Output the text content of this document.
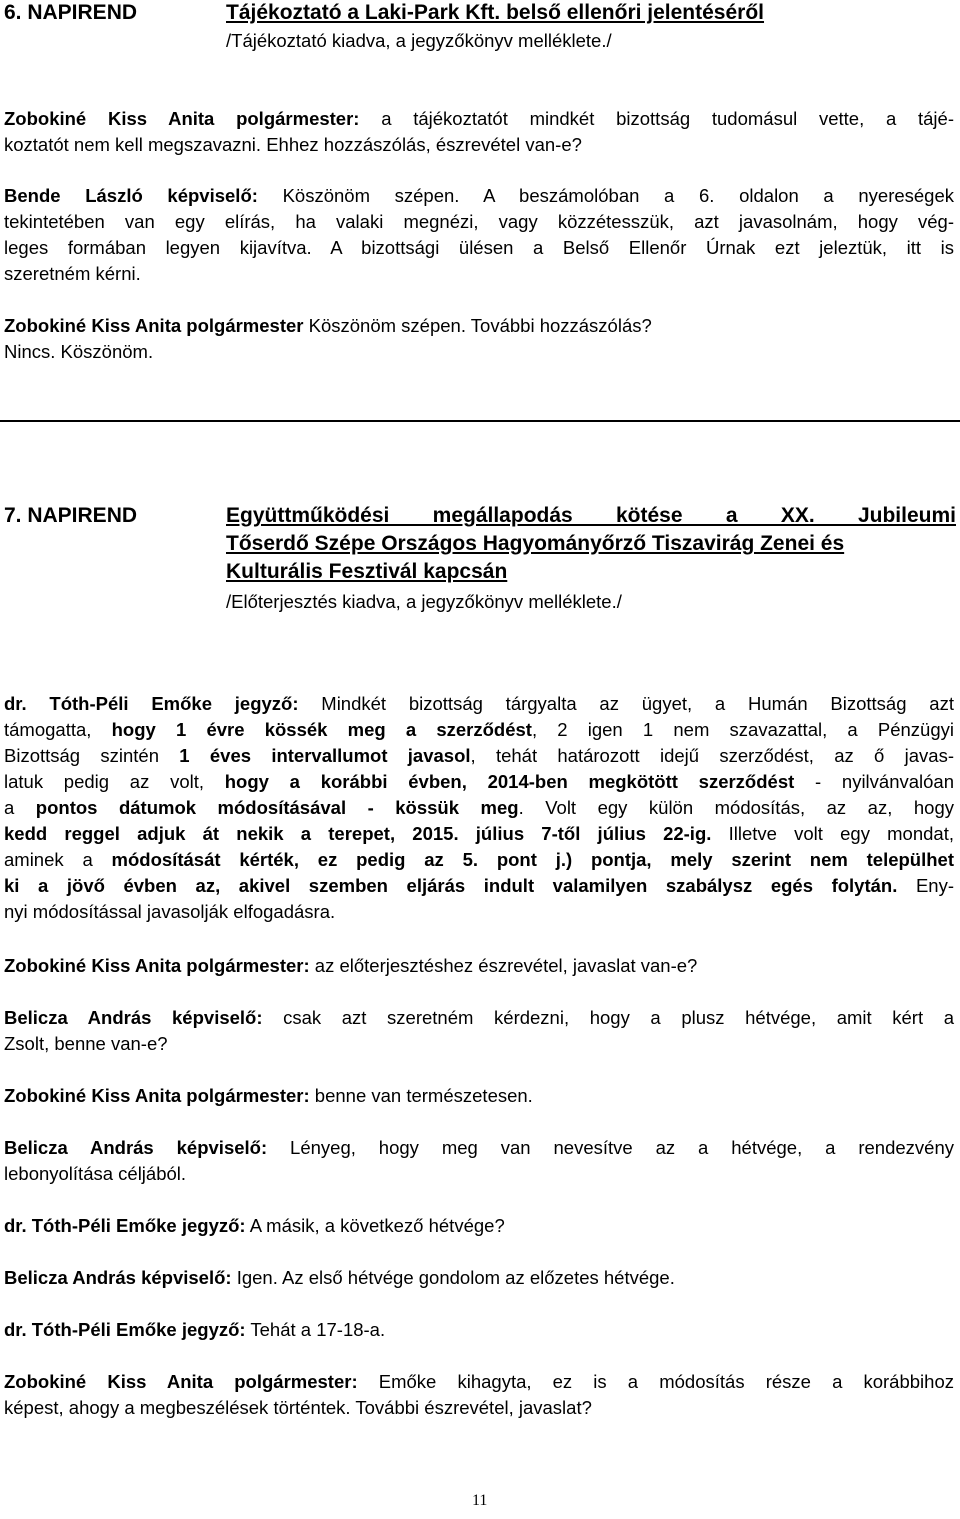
6. NAPIREND	Tájékoztató a Laki-Park Kft. belső ellenőri jelentéséről
/Tájékoztató kiadva, a jegyzőkönyv melléklete./
Zobokiné Kiss Anita polgármester: a tájékoztatót mindkét bizottság tudomásul vette, a tájé-
koztatót nem kell megszavazni. Ehhez hozzászólás, észrevétel van-e?
Bende László képviselő: Köszönöm szépen. A beszámolóban a 6. oldalon a nyereségek
tekintetében van egy elírás, ha valaki megnézi, vagy közzétesszük, azt javasolnám, hogy vég-
leges formában legyen kijavítva. A bizottsági ülésen a Belső Ellenőr Úrnak ezt jeleztük, itt is
szeretném kérni.
Zobokiné Kiss Anita polgármester Köszönöm szépen. További hozzászólás?
Nincs. Köszönöm.
7. NAPIREND	Együttműködési megállapodás kötése a XX. Jubileumi
Tőserdő Szépe Országos Hagyományőrző Tiszavirág Zenei és
Kulturális Fesztivál kapcsán
/Előterjesztés kiadva, a jegyzőkönyv melléklete./
dr. Tóth-Péli Emőke jegyző: Mindkét bizottság tárgyalta az ügyet, a Humán Bizottság azt
támogatta, hogy 1 évre kössék meg a szerződést, 2 igen 1 nem szavazattal, a Pénzügyi
Bizottság szintén 1 éves intervallumot javasol, tehát határozott idejű szerződést, az ő javas-
latuk pedig az volt, hogy a korábbi évben, 2014-ben megkötött szerződést - nyilvánvalóan
a pontos dátumok módosításával - kössük meg. Volt egy külön módosítás, az az, hogy
kedd reggel adjuk át nekik a terepet, 2015. július 7-től július 22-ig. Illetve volt egy mondat,
aminek a módosítását kérték, ez pedig az 5. pont j.) pontja, mely szerint nem települhet
ki a jövő évben az, akivel szemben eljárás indult valamilyen szabálysz egés folytán. Eny-
nyi módosítással javasolják elfogadásra.
Zobokiné Kiss Anita polgármester: az előterjesztéshez észrevétel, javaslat van-e?
Belicza András képviselő: csak azt szeretném kérdezni, hogy a plusz hétvége, amit kért a
Zsolt, benne van-e?
Zobokiné Kiss Anita polgármester: benne van természetesen.
Belicza András képviselő: Lényeg, hogy meg van nevesítve az a hétvége, a rendezvény
lebonyolítása céljából.
dr. Tóth-Péli Emőke jegyző: A másik, a következő hétvége?
Belicza András képviselő: Igen. Az első hétvége gondolom az előzetes hétvége.
dr. Tóth-Péli Emőke jegyző: Tehát a 17-18-a.
Zobokiné Kiss Anita polgármester: Emőke kihagyta, ez is a módosítás része a korábbihoz
képest, ahogy a megbeszélések történtek. További észrevétel, javaslat?
11
